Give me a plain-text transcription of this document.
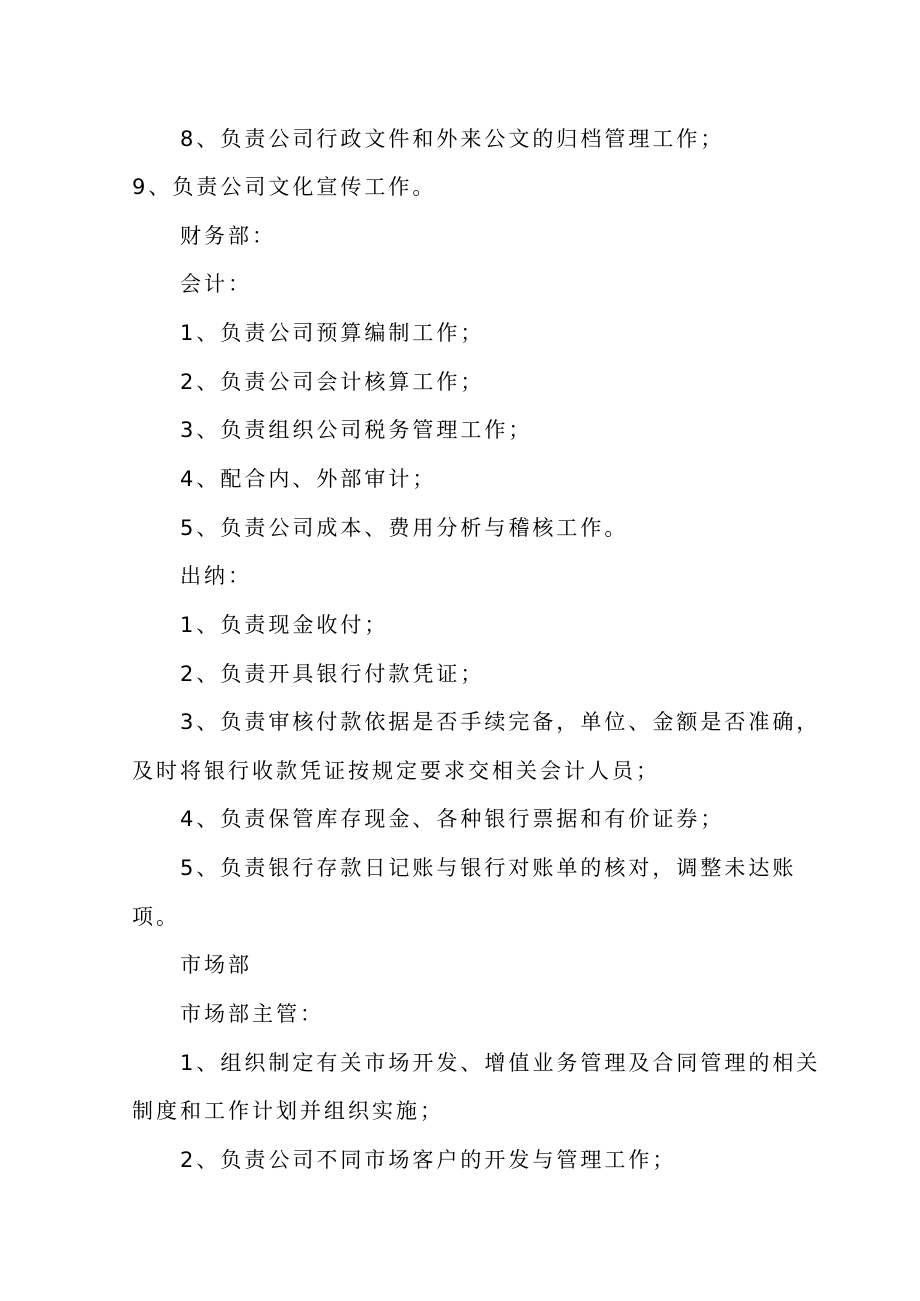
8、负责公司行政文件和外来公文的归档管理工作；

9、负责公司文化宣传工作。

财务部：

会计：

1、负责公司预算编制工作；

2、负责公司会计核算工作；

3、负责组织公司税务管理工作；

4、配合内、外部审计；

5、负责公司成本、费用分析与稽核工作。

出纳：

1、负责现金收付；

2、负责开具银行付款凭证；

3、负责审核付款依据是否手续完备，单位、金额是否准确，

及时将银行收款凭证按规定要求交相关会计人员；

4、负责保管库存现金、各种银行票据和有价证券；

5、负责银行存款日记账与银行对账单的核对，调整未达账

项。

市场部

市场部主管：

1、组织制定有关市场开发、增值业务管理及合同管理的相关

制度和工作计划并组织实施；

2、负责公司不同市场客户的开发与管理工作；
